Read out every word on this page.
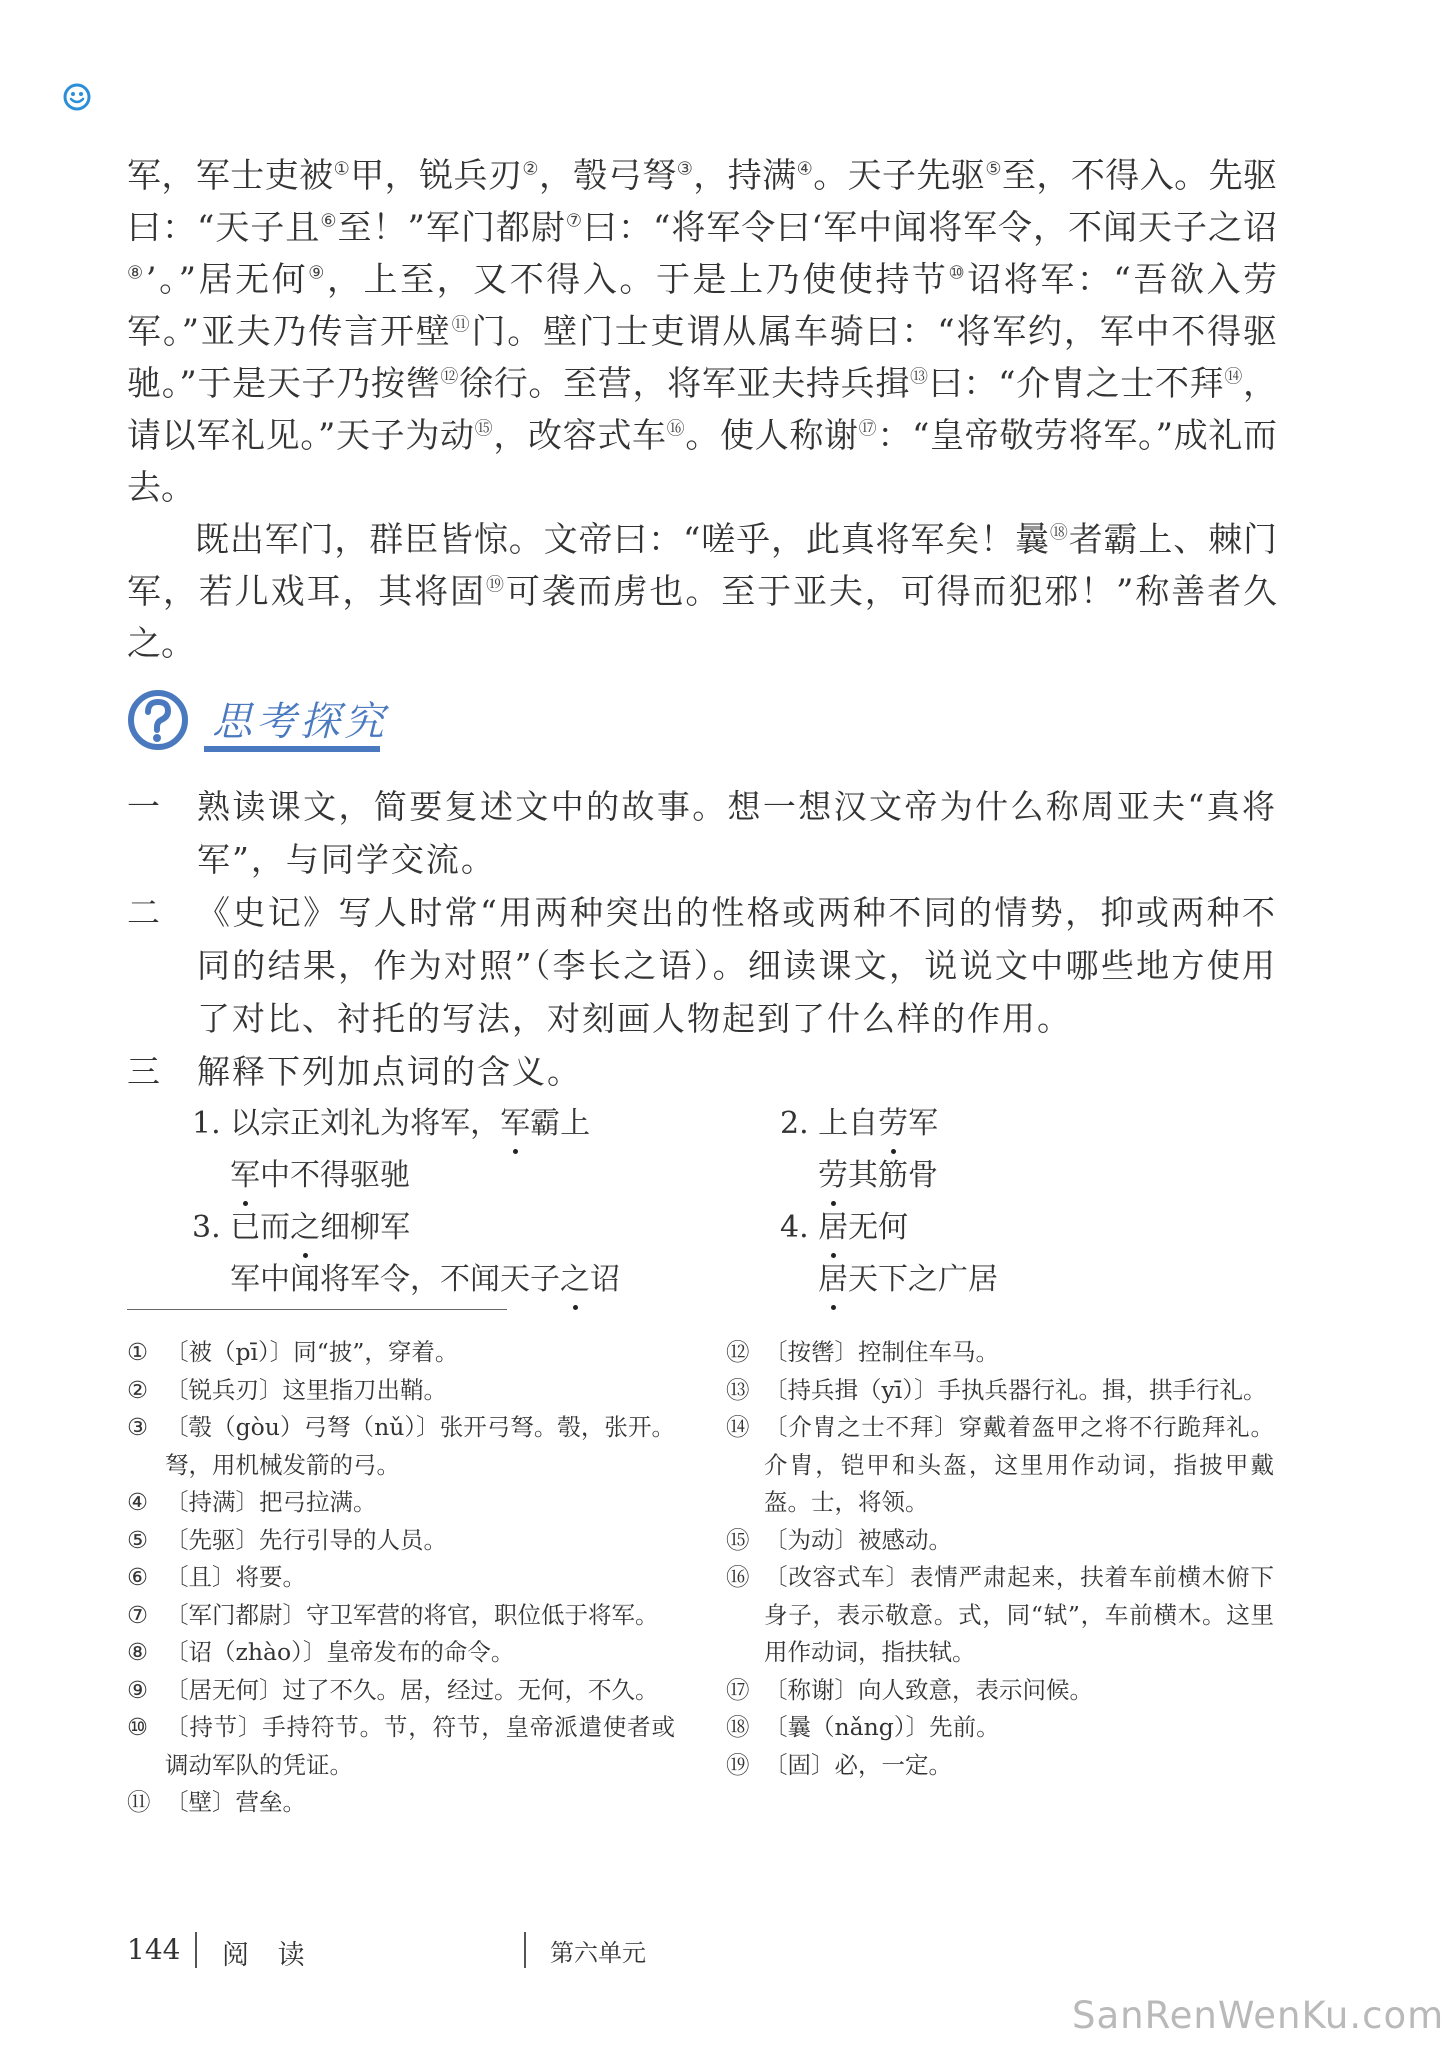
军，军士吏被①甲，锐兵刃②，彀弓弩③，持满④。天子先驱⑤至，不得入。先驱曰：“天子且⑥至！”军门都尉⑦曰：“将军令曰‘军中闻将军令，不闻天子之诏⑧’。”居无何⑨，上至，又不得入。于是上乃使使持节⑩诏将军：“吾欲入劳军。”亚夫乃传言开壁⑪门。壁门士吏谓从属车骑曰：“将军约，军中不得驱驰。”于是天子乃按辔⑫徐行。至营，将军亚夫持兵揖⑬曰：“介胄之士不拜⑭，请以军礼见。”天子为动⑮，改容式车⑯。使人称谢⑰：“皇帝敬劳将军。”成礼而去。

既出军门，群臣皆惊。文帝曰：“嗟乎，此真将军矣！曩⑱者霸上、棘门军，若儿戏耳，其将固⑲可袭而虏也。至于亚夫，可得而犯邪！”称善者久之。

思考探究
一	熟读课文，简要复述文中的故事。想一想汉文帝为什么称周亚夫“真将军”，与同学交流。
二	《史记》写人时常“用两种突出的性格或两种不同的情势，抑或两种不同的结果，作为对照”（李长之语）。细读课文，说说文中哪些地方使用了对比、衬托的写法，对刻画人物起到了什么样的作用。
三	解释下列加点词的含义。
1. 以宗正刘礼为将军，军霸上
军中不得驱驰
3. 已而之细柳军
军中闻将军令，不闻天子之诏
2. 上自劳军
劳其筋骨
4. 居无何
居天下之广居
① 〔被（pī）〕同“披”，穿着。
② 〔锐兵刃〕这里指刀出鞘。
③ 〔彀（gòu）弓弩（nǔ）〕张开弓弩。彀，张开。弩，用机械发箭的弓。
④ 〔持满〕把弓拉满。
⑤ 〔先驱〕先行引导的人员。
⑥ 〔且〕将要。
⑦ 〔军门都尉〕守卫军营的将官，职位低于将军。
⑧ 〔诏（zhào）〕皇帝发布的命令。
⑨ 〔居无何〕过了不久。居，经过。无何，不久。
⑩ 〔持节〕手持符节。节，符节，皇帝派遣使者或调动军队的凭证。
⑪ 〔壁〕营垒。
⑫ 〔按辔〕控制住车马。
⑬ 〔持兵揖（yī）〕手执兵器行礼。揖，拱手行礼。
⑭ 〔介胄之士不拜〕穿戴着盔甲之将不行跪拜礼。介胄，铠甲和头盔，这里用作动词，指披甲戴盔。士，将领。
⑮ 〔为动〕被感动。
⑯ 〔改容式车〕表情严肃起来，扶着车前横木俯下身子，表示敬意。式，同“轼”，车前横木。这里用作动词，指扶轼。
⑰ 〔称谢〕向人致意，表示问候。
⑱ 〔曩（nǎng）〕先前。
⑲ 〔固〕必，一定。
144 阅 读	第六单元
SanRenWenKu.com
